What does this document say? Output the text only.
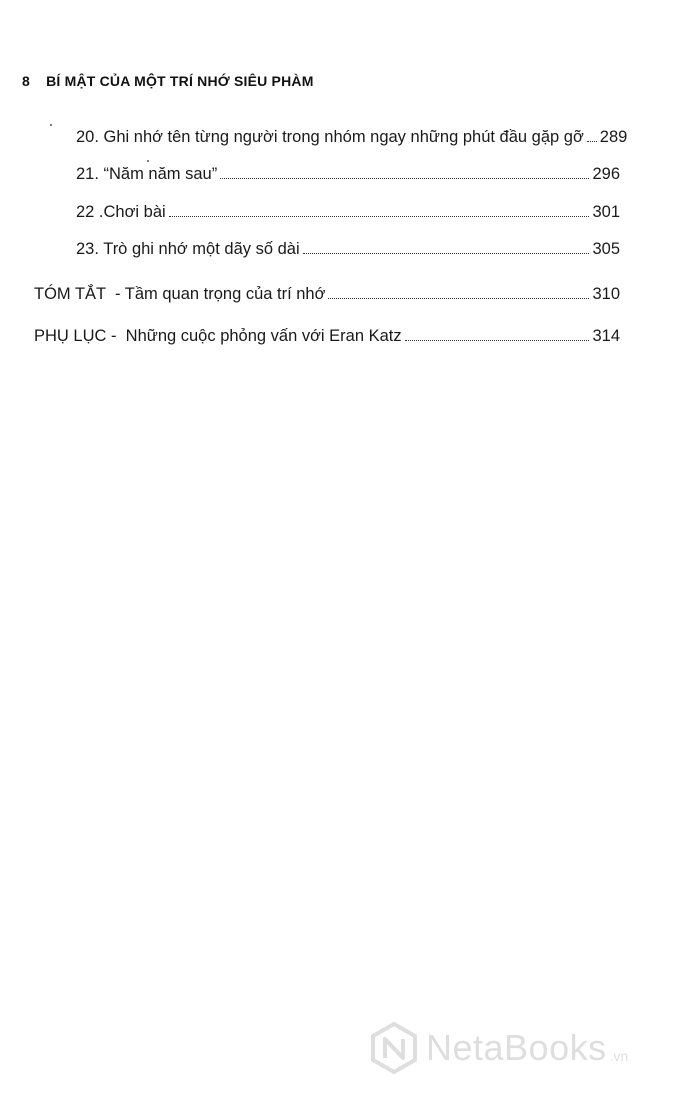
8 BÍ MẬT CỦA MỘT TRÍ NHỚ SIÊU PHÀM
20. Ghi nhớ tên từng người trong nhóm ngay những phút đầu gặp gỡ 289
21. “Năm năm sau”	296
22 .Chơi bài	301
23. Trò ghi nhớ một dãy số dài	305
TÓM TẮT  - Tầm quan trọng của trí nhớ	310
PHỤ LỤC -  Những cuộc phỏng vấn với Eran Katz	314
NetaBooks .vn
